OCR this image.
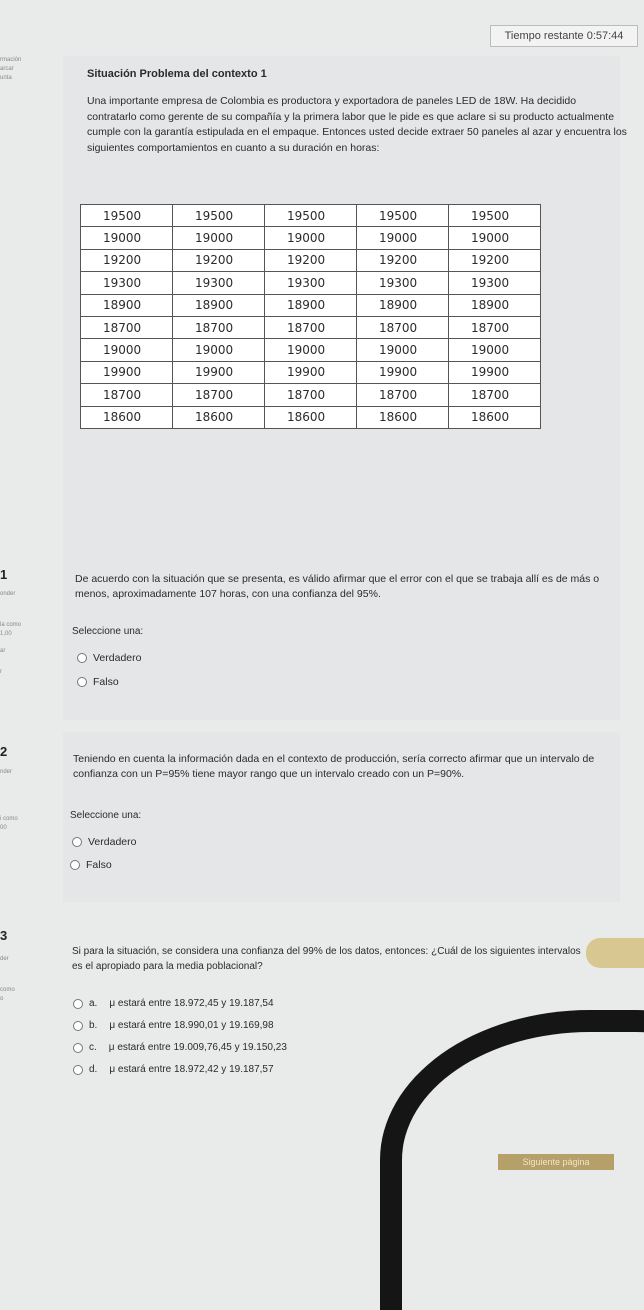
Tiempo restante 0:57:44
rmación
arcar
unta	Situación Problema del contexto 1
Una importante empresa de Colombia es productora y exportadora de paneles LED de 18W. Ha decidido contratarlo como gerente de su compañía y la primera labor que le pide es que aclare si su producto actualmente cumple con la garantía estipulada en el empaque. Entonces usted decide extraer 50 paneles al azar y encuentra los siguientes comportamientos en cuanto a su duración en horas:
19500	19500	19500	19500	19500
19000	19000	19000	19000	19000
19200	19200	19200	19200	19200
19300	19300	19300	19300	19300
18900	18900	18900	18900	18900
18700	18700	18700	18700	18700
19000	19000	19000	19000	19000
19900	19900	19900	19900	19900
18700	18700	18700	18700	18700
18600	18600	18600	18600	18600
1
onder
la como
1,00
ar
r
De acuerdo con la situación que se presenta, es válido afirmar que el error con el que se trabaja allí es de más o menos, aproximadamente 107 horas, con una confianza del 95%.
Seleccione una:
Verdadero
Falso
2
nder
i como
00
Teniendo en cuenta la información dada en el contexto de producción, sería correcto afirmar que un intervalo de confianza con un P=95% tiene mayor rango que un intervalo creado con un P=90%.
Seleccione una:
Verdadero
Falso
3
der
como
o
Si para la situación, se considera una confianza del 99% de los datos, entonces: ¿Cuál de los siguientes intervalos es el apropiado para la media poblacional?
a. μ estará entre 18.972,45 y 19.187,54
b. μ estará entre 18.990,01 y 19.169,98
c. μ estará entre 19.009,76,45 y 19.150,23
d. μ estará entre 18.972,42 y 19.187,57
Siguiente página
